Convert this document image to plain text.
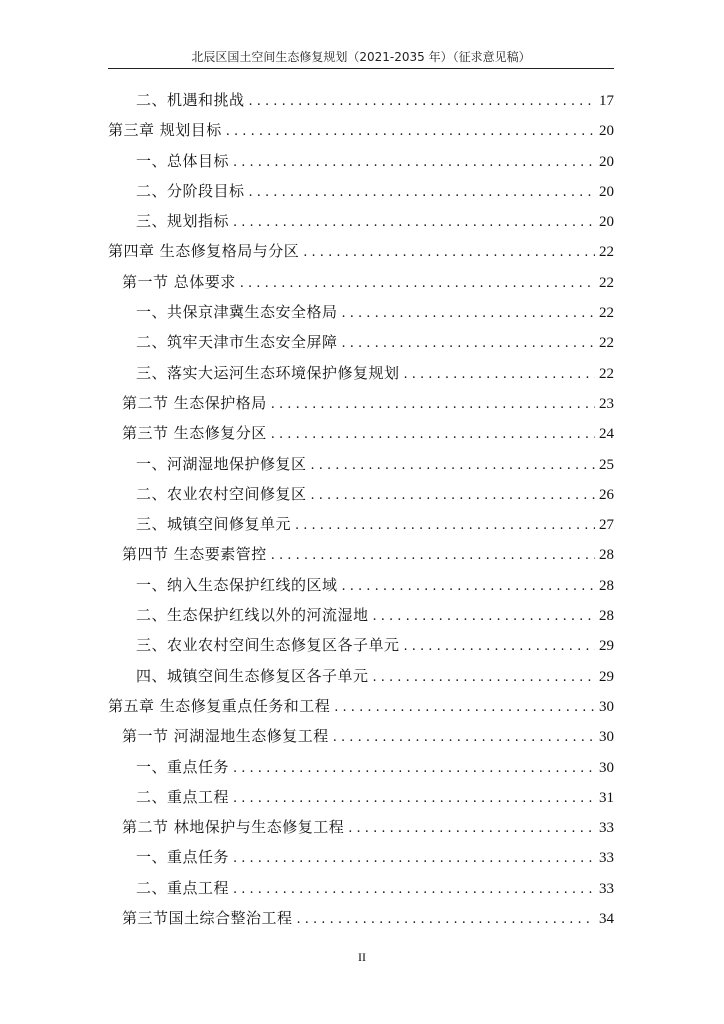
北辰区国土空间生态修复规划（2021-2035 年）（征求意见稿）
二、机遇和挑战 . . .	17
第三章 规划目标 . . .	20
一、总体目标 . . .	20
二、分阶段目标 . . .	20
三、规划指标 . . .	20
第四章 生态修复格局与分区 . . .	22
第一节 总体要求 . . .	22
一、共保京津冀生态安全格局 . . .	22
二、筑牢天津市生态安全屏障 . . .	22
三、落实大运河生态环境保护修复规划 . . .	22
第二节 生态保护格局 . . .	23
第三节 生态修复分区 . . .	24
一、河湖湿地保护修复区 . . .	25
二、农业农村空间修复区 . . .	26
三、城镇空间修复单元 . . .	27
第四节 生态要素管控 . . .	28
一、纳入生态保护红线的区域 . . .	28
二、生态保护红线以外的河流湿地 . . .	28
三、农业农村空间生态修复区各子单元 . . .	29
四、城镇空间生态修复区各子单元 . . .	29
第五章 生态修复重点任务和工程 . . .	30
第一节 河湖湿地生态修复工程 . . .	30
一、重点任务 . . .	30
二、重点工程 . . .	31
第二节 林地保护与生态修复工程 . . .	33
一、重点任务 . . .	33
二、重点工程 . . .	33
第三节国土综合整治工程 . . .	34
II
